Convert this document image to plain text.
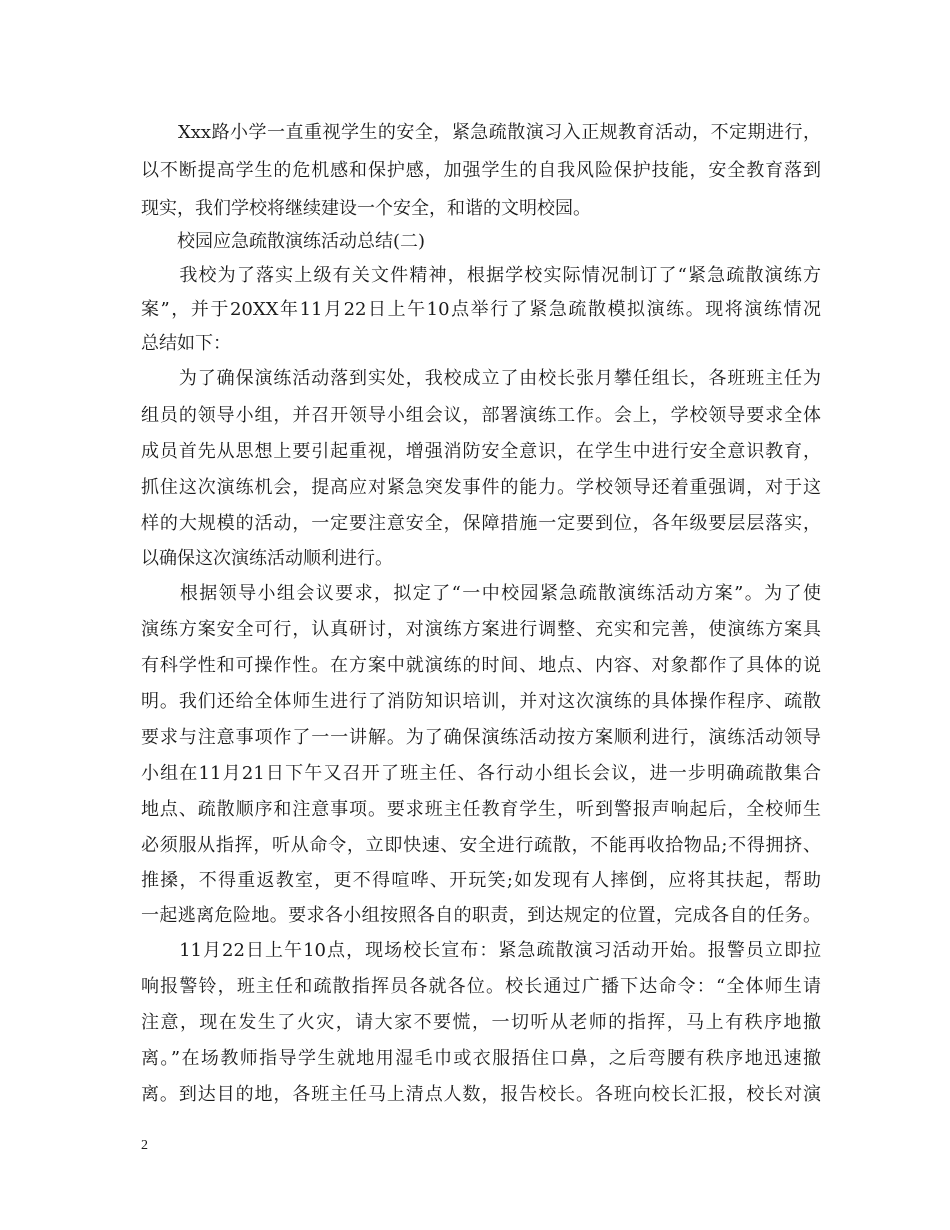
　　Xxx路小学一直重视学生的安全，紧急疏散演习入正规教育活动，不定期进行，
以不断提高学生的危机感和保护感，加强学生的自我风险保护技能，安全教育落到
现实，我们学校将继续建设一个安全，和谐的文明校园。
　　校园应急疏散演练活动总结(二)
　　我校为了落实上级有关文件精神，根据学校实际情况制订了“紧急疏散演练方
案”，并于20XX年11月22日上午10点举行了紧急疏散模拟演练。现将演练情况
总结如下：
　　为了确保演练活动落到实处，我校成立了由校长张月攀任组长，各班班主任为
组员的领导小组，并召开领导小组会议，部署演练工作。会上，学校领导要求全体
成员首先从思想上要引起重视，增强消防安全意识，在学生中进行安全意识教育，
抓住这次演练机会，提高应对紧急突发事件的能力。学校领导还着重强调，对于这
样的大规模的活动，一定要注意安全，保障措施一定要到位，各年级要层层落实，
以确保这次演练活动顺利进行。
　　根据领导小组会议要求，拟定了“一中校园紧急疏散演练活动方案”。为了使
演练方案安全可行，认真研讨，对演练方案进行调整、充实和完善，使演练方案具
有科学性和可操作性。在方案中就演练的时间、地点、内容、对象都作了具体的说
明。我们还给全体师生进行了消防知识培训，并对这次演练的具体操作程序、疏散
要求与注意事项作了一一讲解。为了确保演练活动按方案顺利进行，演练活动领导
小组在11月21日下午又召开了班主任、各行动小组长会议，进一步明确疏散集合
地点、疏散顺序和注意事项。要求班主任教育学生，听到警报声响起后，全校师生
必须服从指挥，听从命令，立即快速、安全进行疏散，不能再收拾物品;不得拥挤、
推搡，不得重返教室，更不得喧哗、开玩笑;如发现有人摔倒，应将其扶起，帮助
一起逃离危险地。要求各小组按照各自的职责，到达规定的位置，完成各自的任务。
　　11月22日上午10点，现场校长宣布：紧急疏散演习活动开始。报警员立即拉
响报警铃，班主任和疏散指挥员各就各位。校长通过广播下达命令：“全体师生请
注意，现在发生了火灾，请大家不要慌，一切听从老师的指挥，马上有秩序地撤
离。”在场教师指导学生就地用湿毛巾或衣服捂住口鼻，之后弯腰有秩序地迅速撤
离。到达目的地，各班主任马上清点人数，报告校长。各班向校长汇报，校长对演
2
